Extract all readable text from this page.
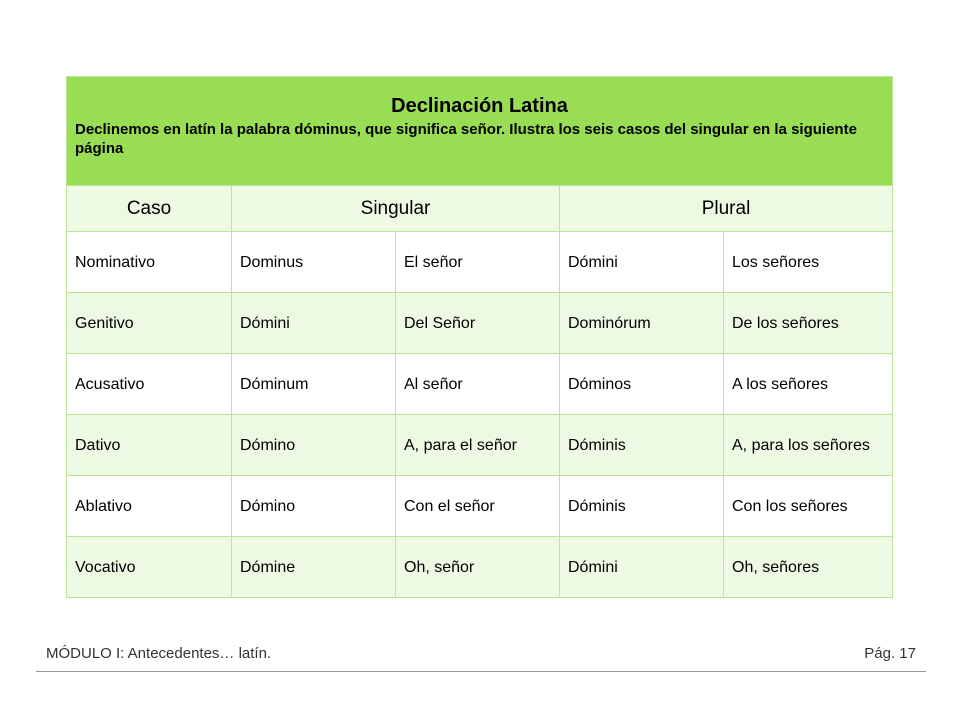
Declinación Latina
Declinemos en latín la palabra dóminus, que significa señor. Ilustra los seis casos del singular en la siguiente página				

Caso	Singular		Plural	
Nominativo	Dominus	El señor	Dómini	Los señores
Genitivo	Dómini	Del Señor	Dominórum	De los señores
Acusativo	Dóminum	Al señor	Dóminos	A los señores
Dativo	Dómino	A, para el señor	Dóminis	A, para los señores
Ablativo	Dómino	Con el señor	Dóminis	Con los señores
Vocativo	Dómine	Oh, señor	Dómini	Oh, señores
MÓDULO I: Antecedentes… latín.	Pág. 17
